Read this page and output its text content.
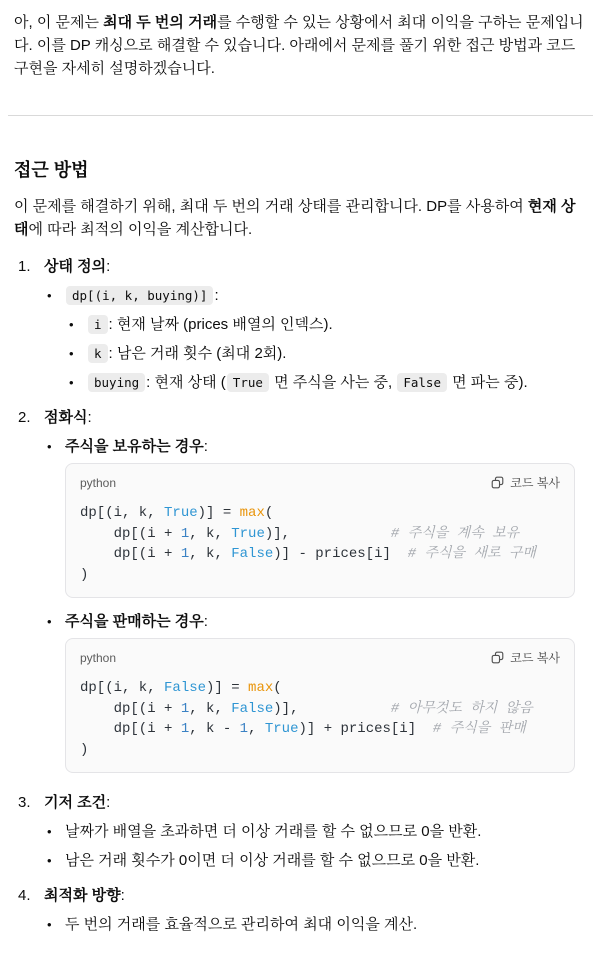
아, 이 문제는 최대 두 번의 거래를 수행할 수 있는 상황에서 최대 이익을 구하는 문제입니다. 이를 DP 캐싱으로 해결할 수 있습니다. 아래에서 문제를 풀기 위한 접근 방법과 코드 구현을 자세히 설명하겠습니다.

접근 방법

이 문제를 해결하기 위해, 최대 두 번의 거래 상태를 관리합니다. DP를 사용하여 현재 상태에 따라 최적의 이익을 계산합니다.

1. 상태 정의:
•	dp[(i, k, buying)] :
•	i : 현재 날짜 (prices 배열의 인덱스).
•	k : 남은 거래 횟수 (최대 2회).
•	buying : 현재 상태 ( True 면 주식을 사는 중, False 면 파는 중).
2. 점화식:
• 주식을 보유하는 경우:
python	코드 복사
dp[(i, k, True)] = max(
dp[(i + 1, k, True)],            # 주식을 계속 보유
dp[(i + 1, k, False)] - prices[i]  # 주식을 새로 구매
)
• 주식을 판매하는 경우:
python	코드 복사
dp[(i, k, False)] = max(
dp[(i + 1, k, False)],           # 아무것도 하지 않음
dp[(i + 1, k - 1, True)] + prices[i]  # 주식을 판매
)
3. 기저 조건:
• 날짜가 배열을 초과하면 더 이상 거래를 할 수 없으므로 0을 반환.
• 남은 거래 횟수가 0이면 더 이상 거래를 할 수 없으므로 0을 반환.
4. 최적화 방향:
• 두 번의 거래를 효율적으로 관리하여 최대 이익을 계산.
